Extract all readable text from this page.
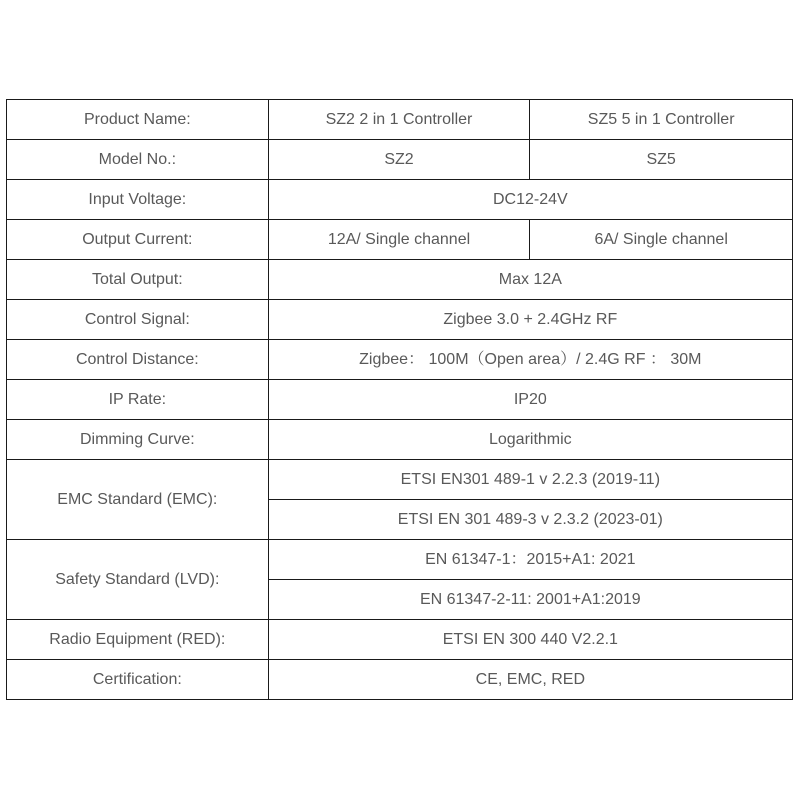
Product Name:	SZ2 2 in 1 Controller	SZ5 5 in 1 Controller
Model No.:	SZ2	SZ5
Input Voltage:	DC12-24V	
Output Current:	12A/ Single channel	6A/ Single channel
Total Output:	Max 12A	
Control Signal:	Zigbee 3.0 + 2.4GHz RF	
Control Distance:	Zigbee： 100M（Open area）/ 2.4G RF ： 30M	
IP Rate:	IP20	
Dimming Curve:	Logarithmic	
EMC Standard (EMC):	ETSI EN301 489-1 v 2.2.3 (2019-11)	
	ETSI EN 301 489-3 v 2.3.2 (2023-01)	
Safety Standard (LVD):	EN 61347-1：2015+A1: 2021	
	EN 61347-2-11: 2001+A1:2019	
Radio Equipment (RED):	ETSI EN 300 440 V2.2.1	
Certification:	CE, EMC, RED	
